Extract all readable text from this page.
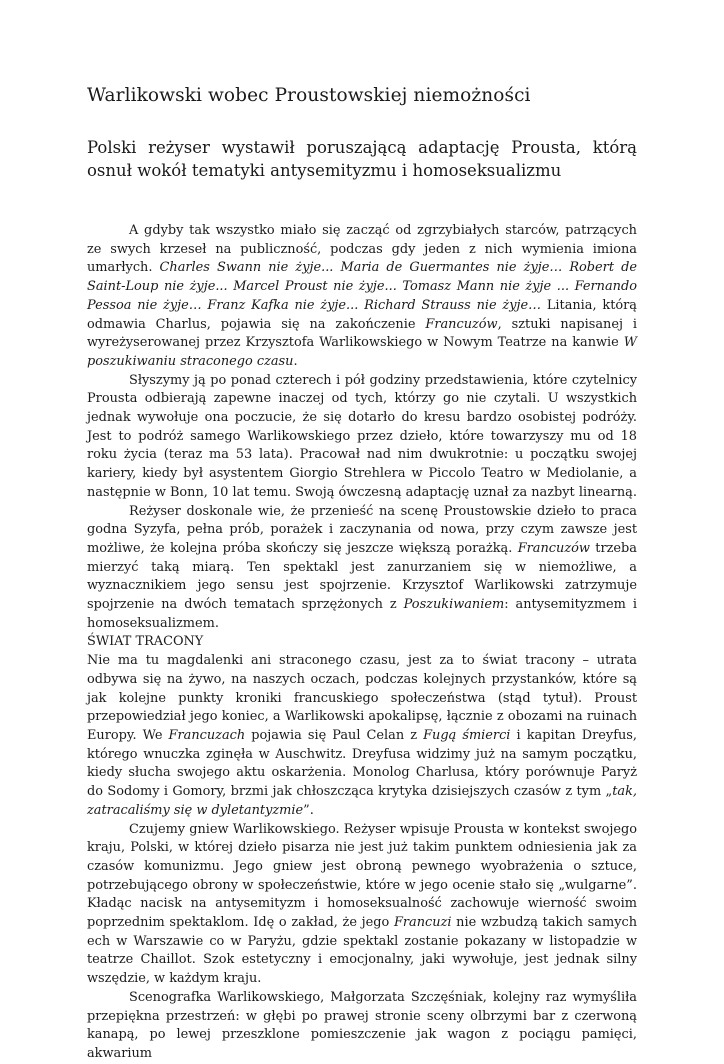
Warlikowski wobec Proustowskiej niemożności
Polski reżyser wystawił poruszającą adaptację Prousta, którą osnuł wokół tematyki antysemityzmu i homoseksualizmu

A gdyby tak wszystko miało się zacząć od zgrzybiałych starców, patrzących ze swych krzeseł na publiczność, podczas gdy jeden z nich wymienia imiona umarłych. Charles Swann nie żyje... Maria de Guermantes nie żyje… Robert de Saint-Loup nie żyje... Marcel Proust nie żyje... Tomasz Mann nie żyje ... Fernando Pessoa nie żyje… Franz Kafka nie żyje... Richard Strauss nie żyje… Litania, którą odmawia Charlus, pojawia się na zakończenie Francuzów, sztuki napisanej i wyreżyserowanej przez Krzysztofa Warlikowskiego w Nowym Teatrze na kanwie W poszukiwaniu straconego czasu.

Słyszymy ją po ponad czterech i pół godziny przedstawienia, które czytelnicy Prousta odbierają zapewne inaczej od tych, którzy go nie czytali. U wszystkich jednak wywołuje ona poczucie, że się dotarło do kresu bardzo osobistej podróży. Jest to podróż samego Warlikowskiego przez dzieło, które towarzyszy mu od 18 roku życia (teraz ma 53 lata). Pracował nad nim dwukrotnie: u początku swojej kariery, kiedy był asystentem Giorgio Strehlera w Piccolo Teatro w Mediolanie, a następnie w Bonn, 10 lat temu. Swoją ówczesną adaptację uznał za nazbyt linearną.

Reżyser doskonale wie, że przenieść na scenę Proustowskie dzieło to praca godna Syzyfa, pełna prób, porażek i zaczynania od nowa, przy czym zawsze jest możliwe, że kolejna próba skończy się jeszcze większą porażką. Francuzów trzeba mierzyć taką miarą. Ten spektakl jest zanurzaniem się w niemożliwe, a wyznacznikiem jego sensu jest spojrzenie. Krzysztof Warlikowski zatrzymuje spojrzenie na dwóch tematach sprzężonych z Poszukiwaniem: antysemityzmem i homoseksualizmem.

ŚWIAT TRACONY

Nie ma tu magdalenki ani straconego czasu, jest za to świat tracony – utrata odbywa się na żywo, na naszych oczach, podczas kolejnych przystanków, które są jak kolejne punkty kroniki francuskiego społeczeństwa (stąd tytuł). Proust przepowiedział jego koniec, a Warlikowski apokalipsę, łącznie z obozami na ruinach Europy. We Francuzach pojawia się Paul Celan z Fugą śmierci i kapitan Dreyfus, którego wnuczka zginęła w Auschwitz. Dreyfusa widzimy już na samym początku, kiedy słucha swojego aktu oskarżenia. Monolog Charlusa, który porównuje Paryż do Sodomy i Gomory, brzmi jak chłoszcząca krytyka dzisiejszych czasów z tym „tak, zatracaliśmy się w dyletantyzmie”.

Czujemy gniew Warlikowskiego. Reżyser wpisuje Prousta w kontekst swojego kraju, Polski, w której dzieło pisarza nie jest już takim punktem odniesienia jak za czasów komunizmu. Jego gniew jest obroną pewnego wyobrażenia o sztuce, potrzebującego obrony w społeczeństwie, które w jego ocenie stało się „wulgarne”. Kładąc nacisk na antysemityzm i homoseksualność zachowuje wierność swoim poprzednim spektaklom. Idę o zakład, że jego Francuzi nie wzbudzą takich samych ech w Warszawie co w Paryżu, gdzie spektakl zostanie pokazany w listopadzie w teatrze Chaillot. Szok estetyczny i emocjonalny, jaki wywołuje, jest jednak silny wszędzie, w każdym kraju.

Scenografka Warlikowskiego, Małgorzata Szczęśniak, kolejny raz wymyśliła przepiękna przestrzeń: w głębi po prawej stronie sceny olbrzymi bar z czerwoną kanapą, po lewej przeszklone pomieszczenie jak wagon z pociągu pamięci, akwarium
